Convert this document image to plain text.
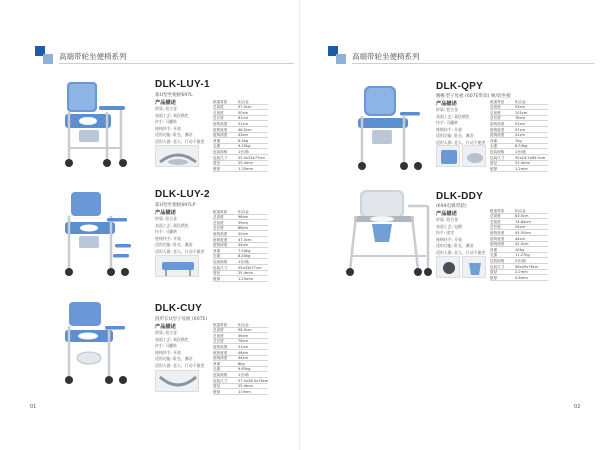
高端带轮坐便椅系列
DLK-LUY-1
靠U型坐便板697L
产品描述
材质: 铝合金
表面工艺: 氧化喷色
扶手: 可翻转
座椅扶手: 开放
适用功能: 卧坐、淋浴
适用人群: 老人、行动不便者
框架材质	铝合金
总高度	97.5cm
总宽度	50cm
总长度	81cm
座椅高度	51cm
座椅宽度	46.5cm
座椅深度	43cm
净重	8.5kg
毛重	9.25kg
包装规格	1台/箱
包装尺寸	55.5x33x77cm
管径	25.4mm
壁厚	1.25mm
DLK-LUY-2
靠U型坐便板697LP
产品描述
材质: 铝合金
表面工艺: 氧化喷色
扶手: 可翻转
座椅扶手: 开放
适用功能: 卧坐、淋浴
适用人群: 老人、行动不便者
框架材质	铝合金
总高度	96cm
总宽度	59cm
总长度	86cm
座椅高度	50cm
座椅宽度	47.5cm
座椅深度	44cm
净重	7.54kg
毛重	8.45kg
包装规格	1台/箱
包装尺寸	55x33x77cm
管径	25.4mm
壁厚	1.25mm
DLK-CUY
圆形长U型子母板 (607E)
产品描述
材质: 铝合金
表面工艺: 氧化喷色
扶手: 可翻转
座椅扶手: 开放
适用功能: 卧坐、淋浴
适用人群: 老人、行动不便者
框架材质	铝合金
总高度	98.5cm
总宽度	56cm
总长度	78cm
座椅高度	51cm
座椅宽度	46cm
座椅深度	44cm
净重	8kg
毛重	9.65kg
包装规格	1台/箱
包装尺寸	57.5x28.5x76cm
管径	25.4mm
壁厚	1.0mm
01
高端带轮坐便椅系列
DLK-QPY
腰椎型子母板 (607E带软) 硬/软坐板
产品描述
材质: 铝合金
表面工艺: 氧化喷色
扶手: 可翻转
座椅扶手: 开放
适用功能: 卧坐、淋浴
适用人群: 老人、行动不便者
框架材质	铝合金
总高度	93cm
总宽度	101cm
总长度	78cm
座椅高度	51cm
座椅宽度	47cm
座椅深度	41cm
净重	7kg
毛重	8.53kg
包装规格	1台/箱
包装尺寸	52x23.5x83.5cm
管径	25.4mm
壁厚	1.2mm
DLK-DDY
(694电镀带轮)
产品描述
材质: 铝合金
表面工艺: 电镀
扶手: 固定
座椅扶手: 开放
适用功能: 卧坐、淋浴
适用人群: 老人、行动不便者
框架材质	铝合金
总高度	83.5cm
总宽度	74-84cm
总长度	54cm
座椅高度	45-55cm
座椅宽度	44cm
座椅深度	42.5cm
净重	10kg
毛重	11.27kg
包装规格	2台/箱
包装尺寸	58x29x76cm
管径	2.2mm
壁厚	0.8mm
02
